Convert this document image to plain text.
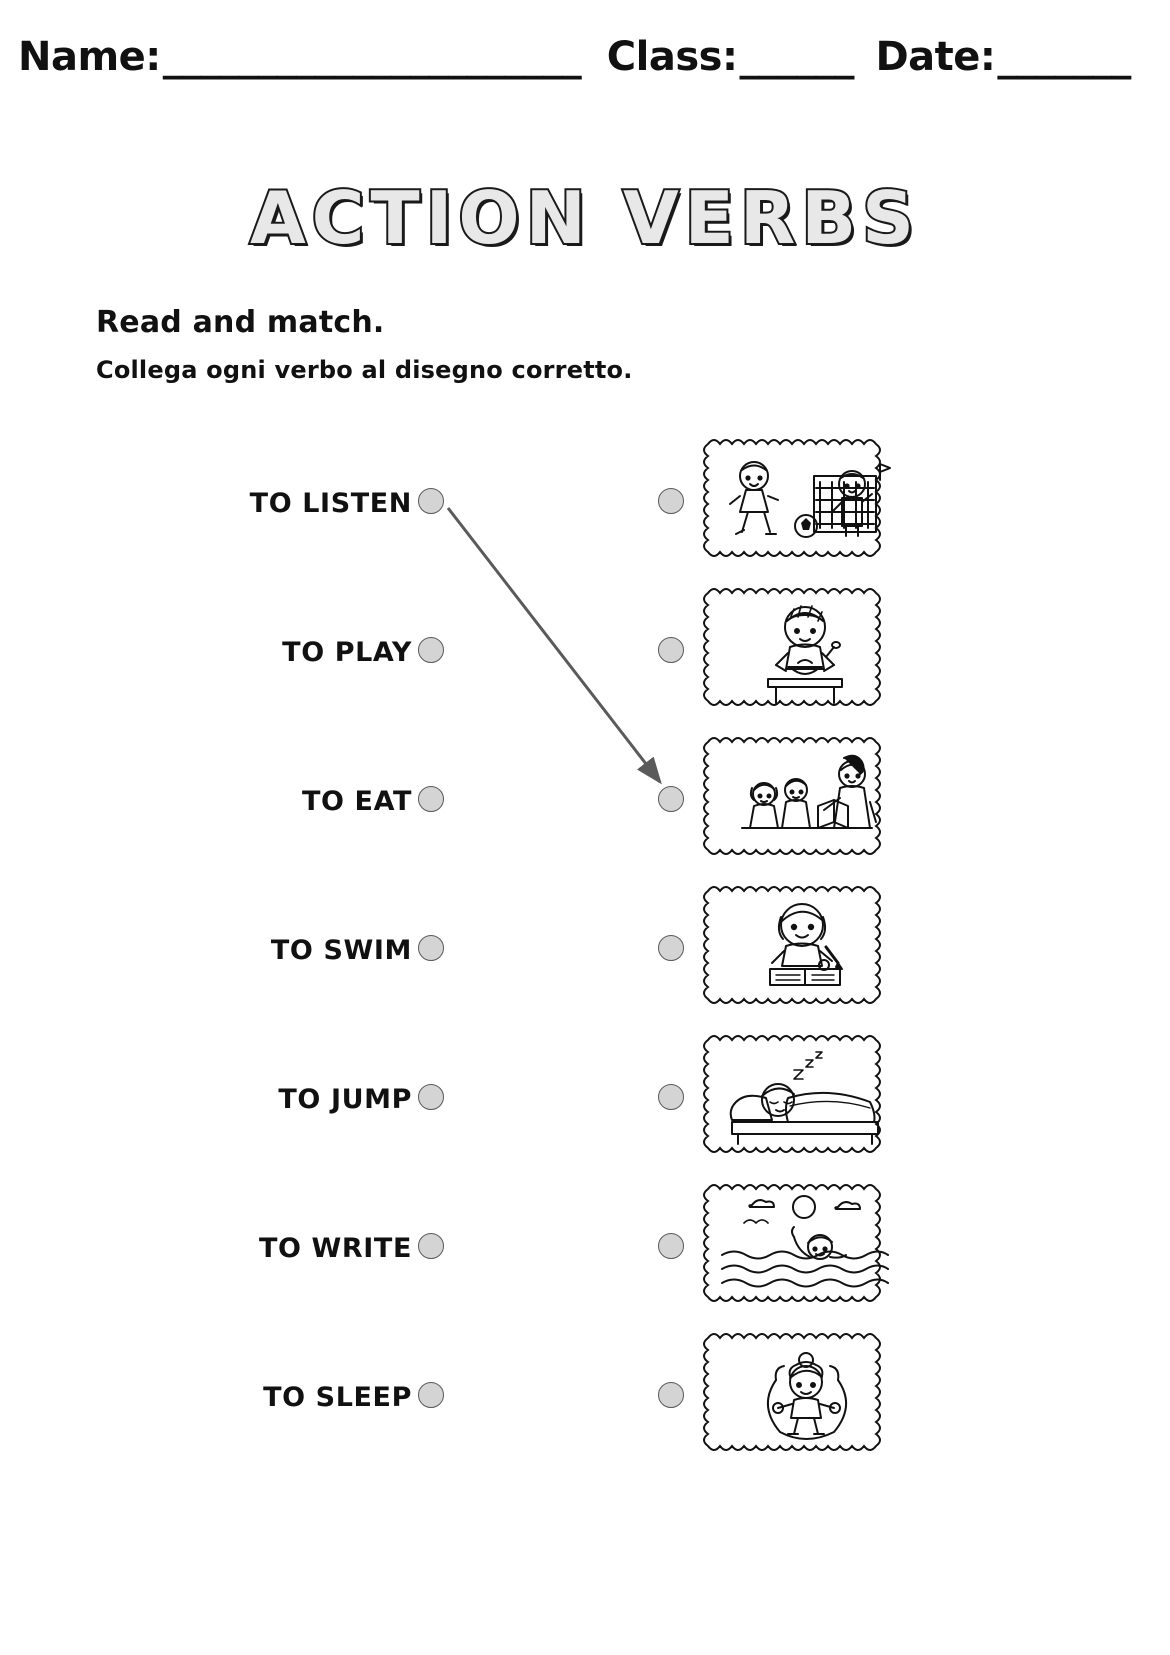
Name: ______________________ Class: ______ Date: _______
ACTION VERBS
Read and match.
Collega ogni verbo al disegno corretto.
TO LISTEN
TO PLAY
TO EAT
TO SWIM
TO JUMP
TO WRITE
TO SLEEP
